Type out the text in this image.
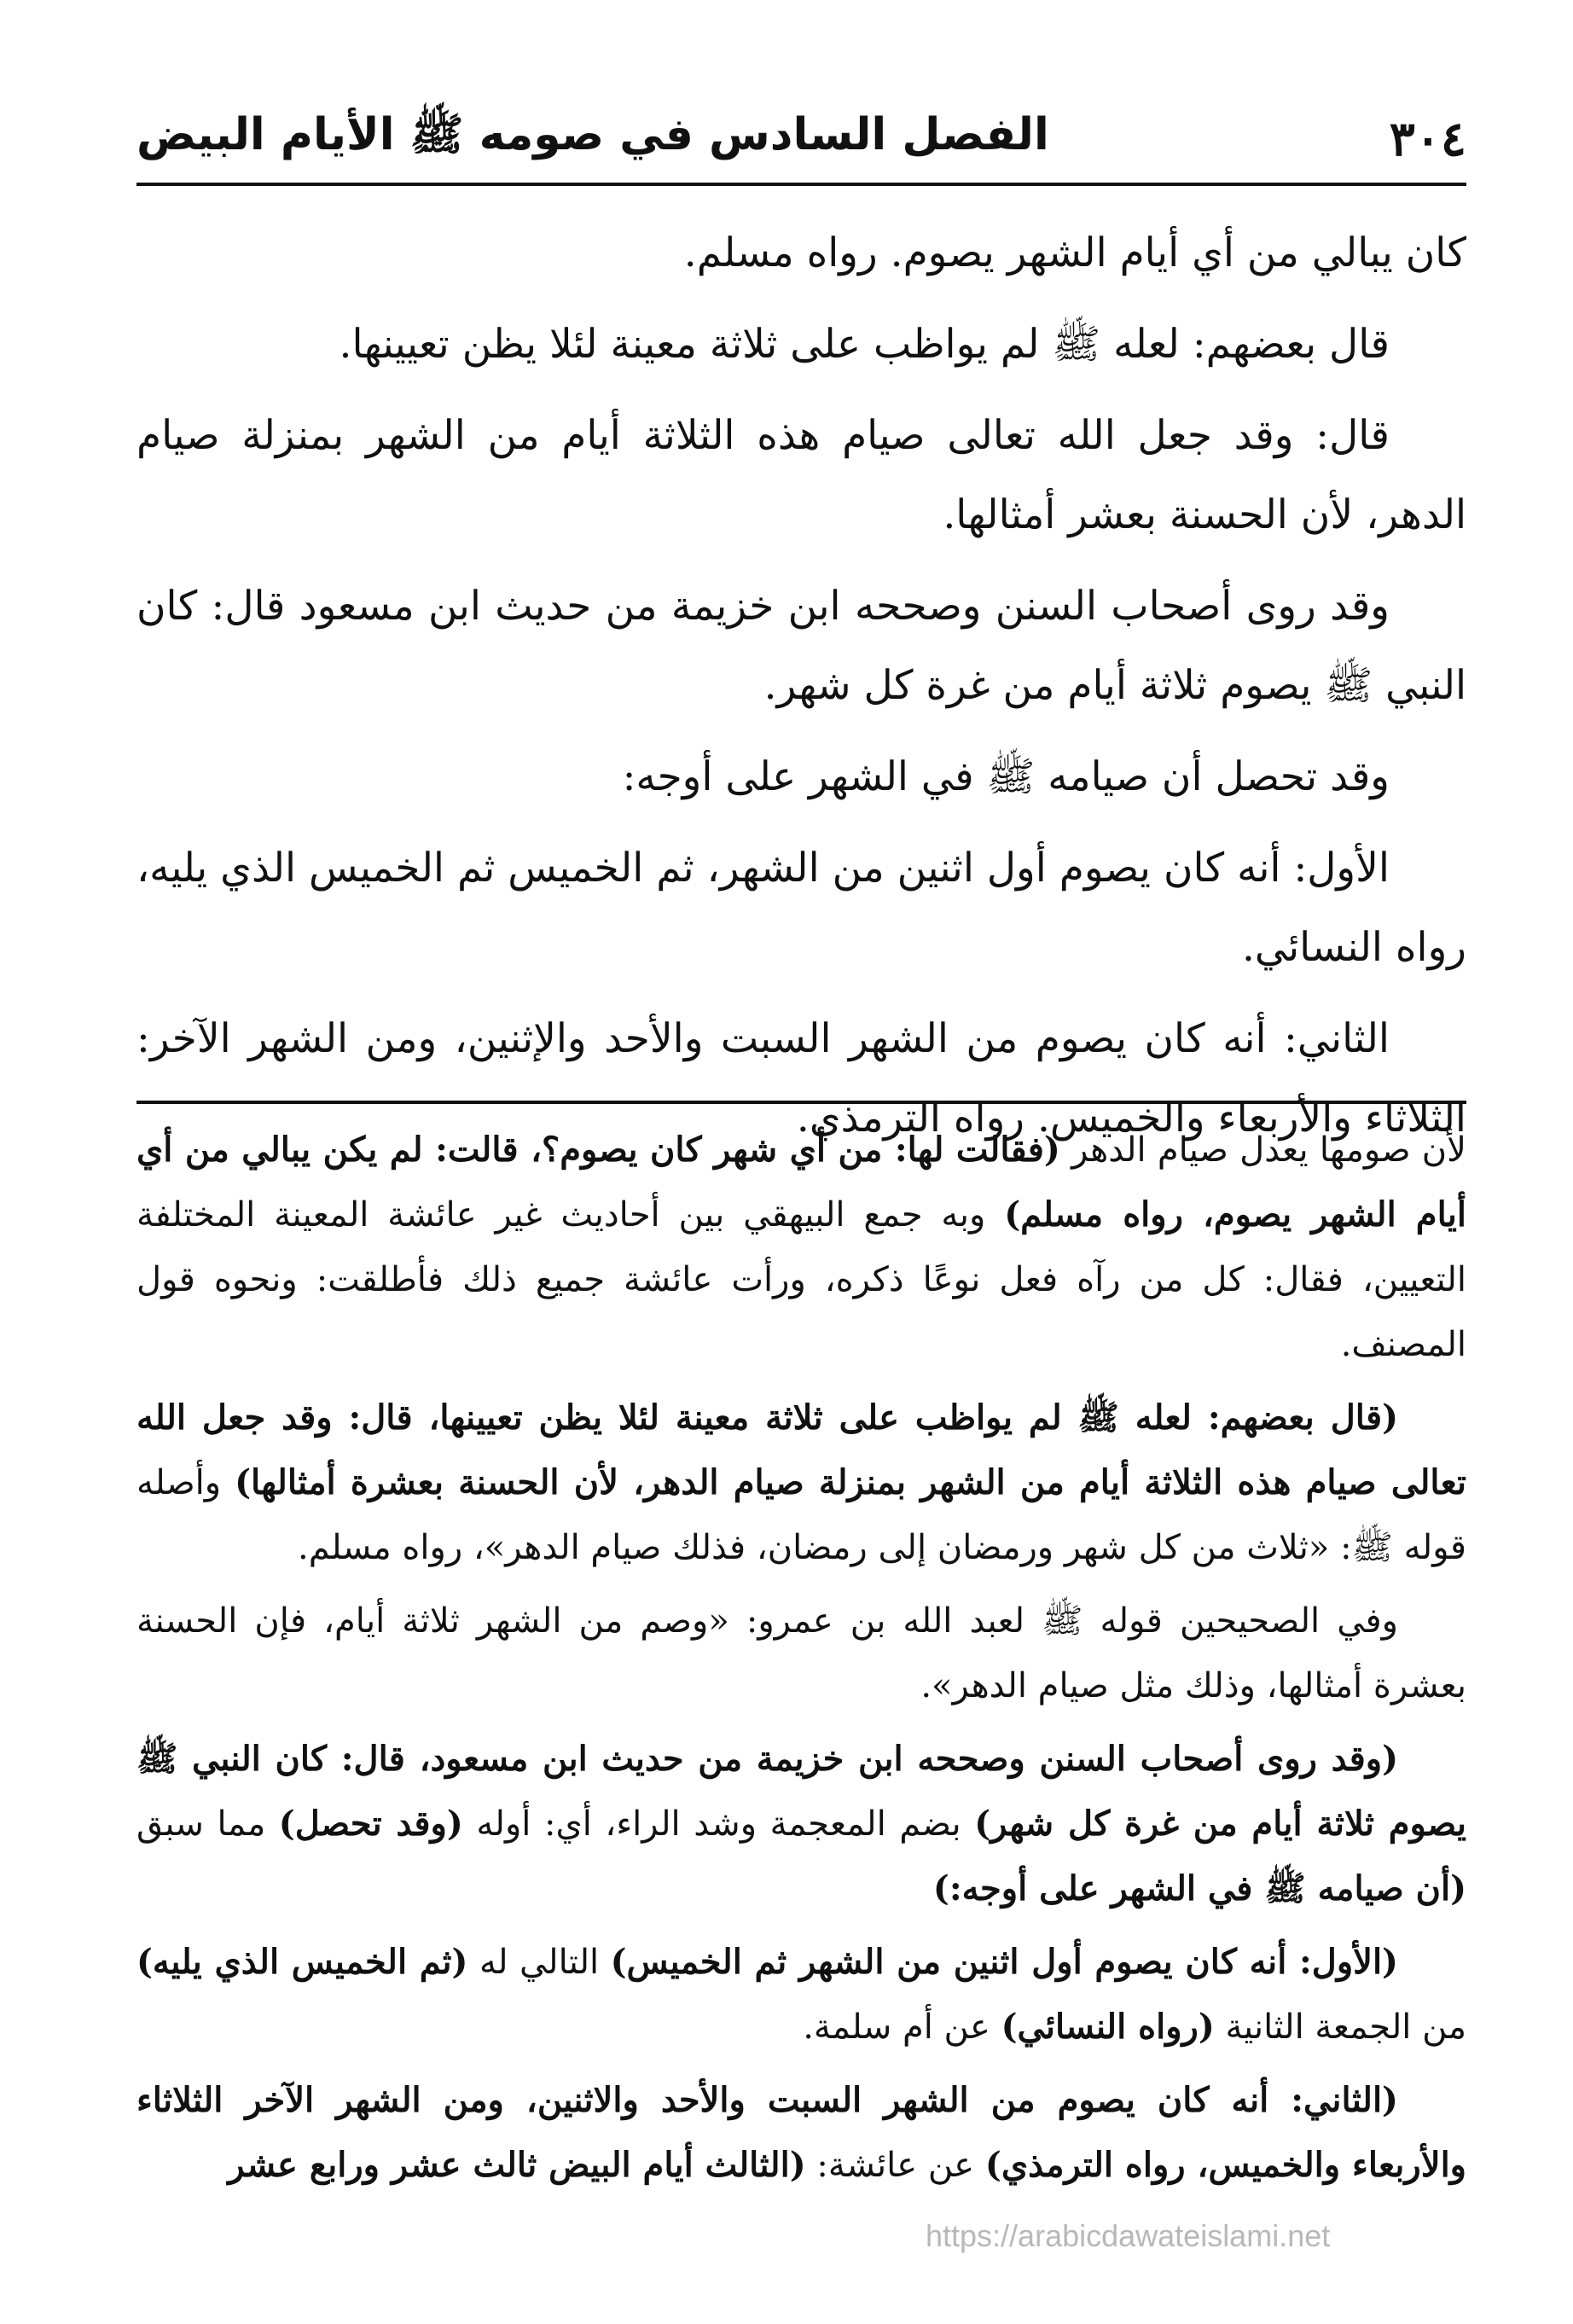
٣٠٤
الفصل السادس في صومه ﷺ الأيام البيض

كان يبالي من أي أيام الشهر يصوم. رواه مسلم.

قال بعضهم: لعله ﷺ لم يواظب على ثلاثة معينة لئلا يظن تعيينها.

قال: وقد جعل الله تعالى صيام هذه الثلاثة أيام من الشهر بمنزلة صيام الدهر، لأن الحسنة بعشر أمثالها.

وقد روى أصحاب السنن وصححه ابن خزيمة من حديث ابن مسعود قال: كان النبي ﷺ يصوم ثلاثة أيام من غرة كل شهر.

وقد تحصل أن صيامه ﷺ في الشهر على أوجه:

الأول: أنه كان يصوم أول اثنين من الشهر، ثم الخميس ثم الخميس الذي يليه، رواه النسائي.

الثاني: أنه كان يصوم من الشهر السبت والأحد والإثنين، ومن الشهر الآخر: الثلاثاء والأربعاء والخميس. رواه الترمذي.

لأن صومها يعدل صيام الدهر (فقالت لها: من أي شهر كان يصوم؟، قالت: لم يكن يبالي من أي أيام الشهر يصوم، رواه مسلم) وبه جمع البيهقي بين أحاديث غير عائشة المعينة المختلفة التعيين، فقال: كل من رآه فعل نوعًا ذكره، ورأت عائشة جميع ذلك فأطلقت: ونحوه قول المصنف.

(قال بعضهم: لعله ﷺ لم يواظب على ثلاثة معينة لئلا يظن تعيينها، قال: وقد جعل الله تعالى صيام هذه الثلاثة أيام من الشهر بمنزلة صيام الدهر، لأن الحسنة بعشرة أمثالها) وأصله قوله ﷺ: «ثلاث من كل شهر ورمضان إلى رمضان، فذلك صيام الدهر»، رواه مسلم.

وفي الصحيحين قوله ﷺ لعبد الله بن عمرو: «وصم من الشهر ثلاثة أيام، فإن الحسنة بعشرة أمثالها، وذلك مثل صيام الدهر».

(وقد روى أصحاب السنن وصححه ابن خزيمة من حديث ابن مسعود، قال: كان النبي ﷺ يصوم ثلاثة أيام من غرة كل شهر) بضم المعجمة وشد الراء، أي: أوله (وقد تحصل) مما سبق (أن صيامه ﷺ في الشهر على أوجه:)

(الأول: أنه كان يصوم أول اثنين من الشهر ثم الخميس) التالي له (ثم الخميس الذي يليه) من الجمعة الثانية (رواه النسائي) عن أم سلمة.

(الثاني: أنه كان يصوم من الشهر السبت والأحد والاثنين، ومن الشهر الآخر الثلاثاء والأربعاء والخميس، رواه الترمذي) عن عائشة: (الثالث أيام البيض ثالث عشر ورابع عشر

https://arabicdawateislami.net
